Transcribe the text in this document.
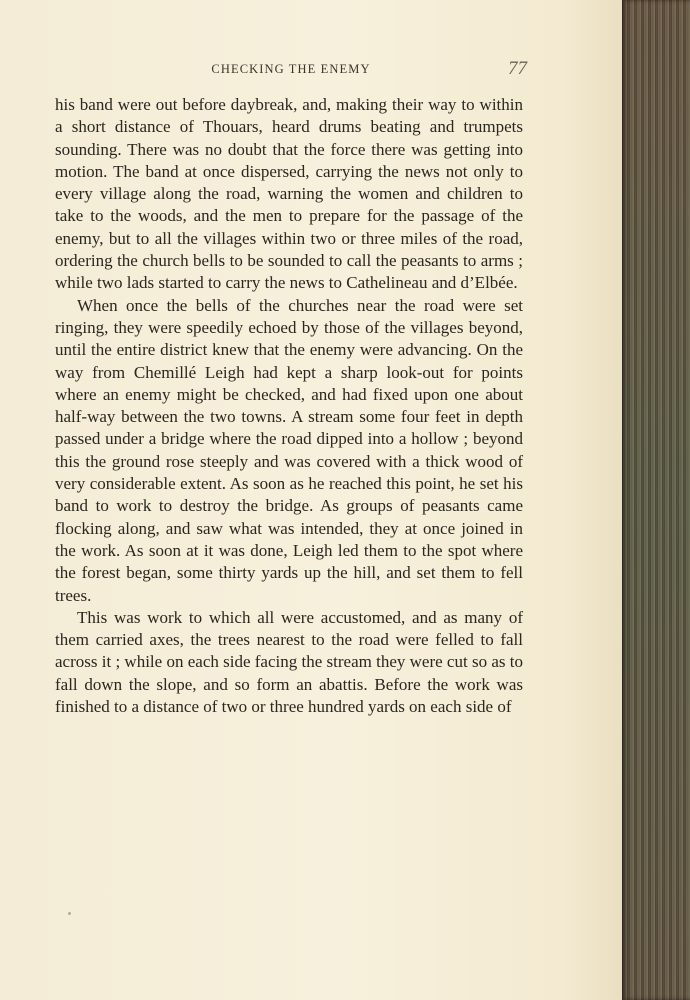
CHECKING THE ENEMY	77

his band were out before daybreak, and, making their way to within a short distance of Thouars, heard drums beating and trumpets sounding. There was no doubt that the force there was getting into motion. The band at once dispersed, carrying the news not only to every village along the road, warning the women and children to take to the woods, and the men to prepare for the passage of the enemy, but to all the villages within two or three miles of the road, ordering the church bells to be sounded to call the peasants to arms ; while two lads started to carry the news to Cathelineau and d’Elbée.

When once the bells of the churches near the road were set ringing, they were speedily echoed by those of the villages beyond, until the entire district knew that the enemy were advancing. On the way from Chemillé Leigh had kept a sharp look-out for points where an enemy might be checked, and had fixed upon one about half-way between the two towns. A stream some four feet in depth passed under a bridge where the road dipped into a hollow ; beyond this the ground rose steeply and was covered with a thick wood of very considerable extent. As soon as he reached this point, he set his band to work to destroy the bridge. As groups of peasants came flocking along, and saw what was intended, they at once joined in the work. As soon at it was done, Leigh led them to the spot where the forest began, some thirty yards up the hill, and set them to fell trees.

This was work to which all were accustomed, and as many of them carried axes, the trees nearest to the road were felled to fall across it ; while on each side facing the stream they were cut so as to fall down the slope, and so form an abattis. Before the work was finished to a distance of two or three hundred yards on each side of
